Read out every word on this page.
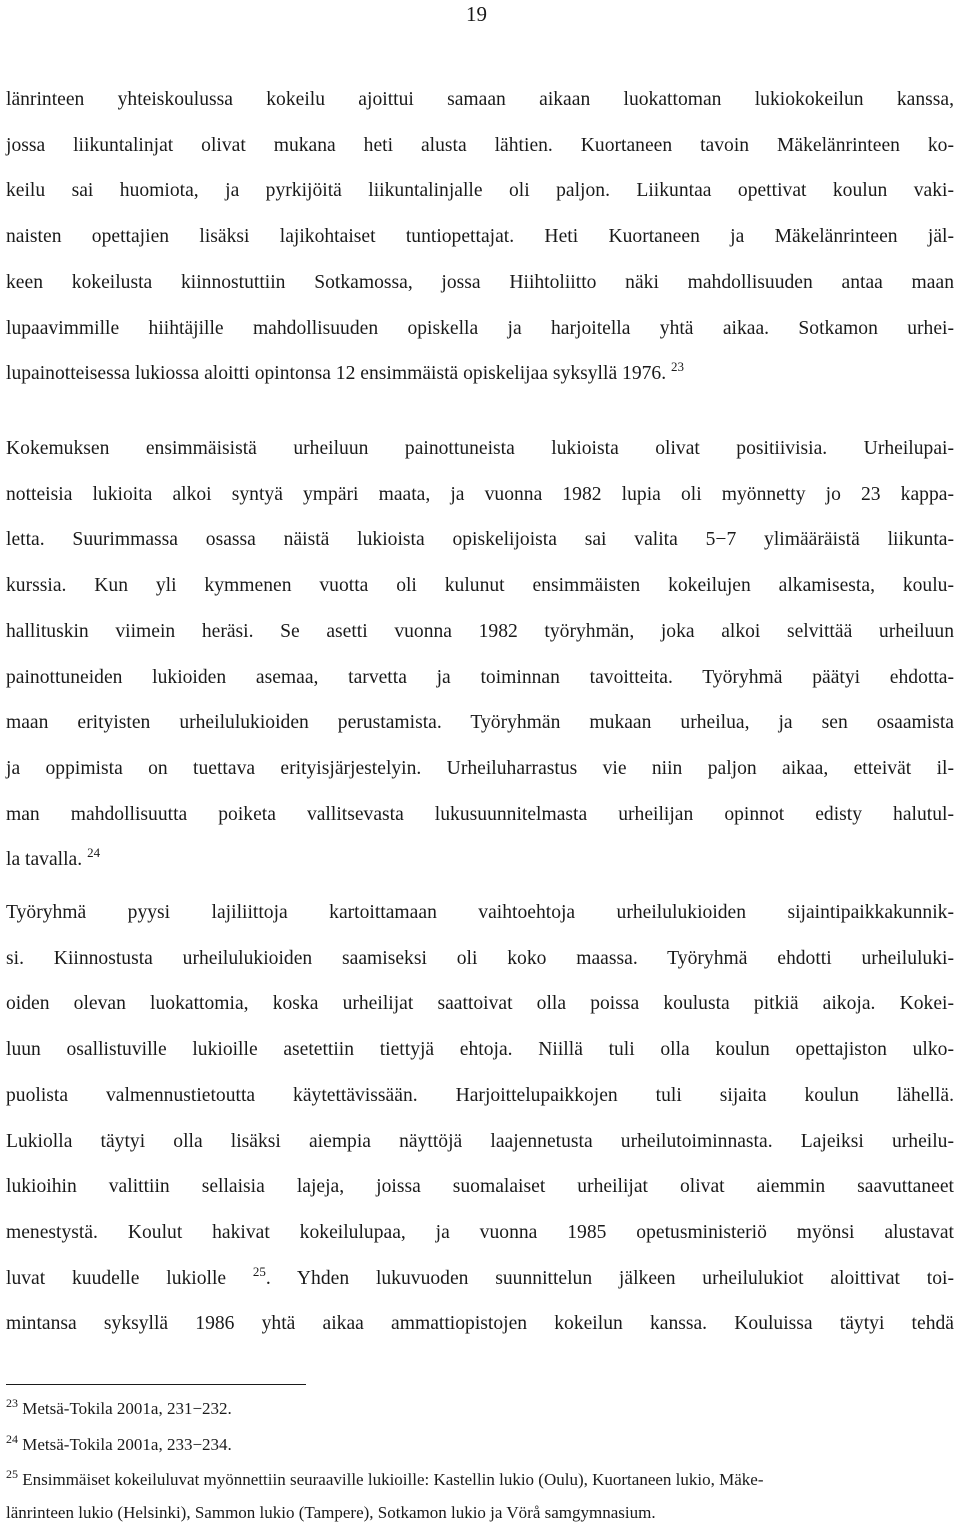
19
länrinteen yhteiskoulussa kokeilu ajoittui samaan aikaan luokattoman lukiokokeilun kanssa,
jossa liikuntalinjat olivat mukana heti alusta lähtien. Kuortaneen tavoin Mäkelänrinteen ko-
keilu sai huomiota, ja pyrkijöitä liikuntalinjalle oli paljon. Liikuntaa opettivat koulun vaki-
naisten opettajien lisäksi lajikohtaiset tuntiopettajat. Heti Kuortaneen ja Mäkelänrinteen jäl-
keen kokeilusta kiinnostuttiin Sotkamossa, jossa Hiihtoliitto näki mahdollisuuden antaa maan
lupaavimmille hiihtäjille mahdollisuuden opiskella ja harjoitella yhtä aikaa. Sotkamon urhei-
lupainotteisessa lukiossa aloitti opintonsa 12 ensimmäistä opiskelijaa syksyllä 1976. $^{23}$
Kokemuksen ensimmäisistä urheiluun painottuneista lukioista olivat positiivisia. Urheilupai-
notteisia lukioita alkoi syntyä ympäri maata, ja vuonna 1982 lupia oli myönnetty jo 23 kappa-
letta. Suurimmassa osassa näistä lukioista opiskelijoista sai valita 5−7 ylimääräistä liikunta-
kurssia. Kun yli kymmenen vuotta oli kulunut ensimmäisten kokeilujen alkamisesta, koulu-
hallituskin viimein heräsi. Se asetti vuonna 1982 työryhmän, joka alkoi selvittää urheiluun
painottuneiden lukioiden asemaa, tarvetta ja toiminnan tavoitteita. Työryhmä päätyi ehdotta-
maan erityisten urheilulukioiden perustamista. Työryhmän mukaan urheilua, ja sen osaamista
ja oppimista on tuettava erityisjärjestelyin. Urheiluharrastus vie niin paljon aikaa, etteivät il-
man mahdollisuutta poiketa vallitsevasta lukusuunnitelmasta urheilijan opinnot edisty halutul-
la tavalla. $^{24}$
Työryhmä pyysi lajiliittoja kartoittamaan vaihtoehtoja urheilulukioiden sijaintipaikkakunnik-
si. Kiinnostusta urheilulukioiden saamiseksi oli koko maassa. Työryhmä ehdotti urheiluluki-
oiden olevan luokattomia, koska urheilijat saattoivat olla poissa koulusta pitkiä aikoja. Kokei-
luun osallistuville lukioille asetettiin tiettyjä ehtoja. Niillä tuli olla koulun opettajiston ulko-
puolista valmennustietoutta käytettävissään. Harjoittelupaikkojen tuli sijaita koulun lähellä.
Lukiolla täytyi olla lisäksi aiempia näyttöjä laajennetusta urheilutoiminnasta. Lajeiksi urheilu-
lukioihin valittiin sellaisia lajeja, joissa suomalaiset urheilijat olivat aiemmin saavuttaneet
menestystä. Koulut hakivat kokeilulupaa, ja vuonna 1985 opetusministeriö myönsi alustavat
luvat kuudelle lukiolle $^{25}$. Yhden lukuvuoden suunnittelun jälkeen urheilulukiot aloittivat toi-
mintansa syksyllä 1986 yhtä aikaa ammattiopistojen kokeilun kanssa. Kouluissa täytyi tehdä
$^{23}$ Metsä-Tokila 2001a, 231−232.
$^{24}$ Metsä-Tokila 2001a, 233−234.
$^{25}$ Ensimmäiset kokeiluluvat myönnettiin seuraaville lukioille: Kastellin lukio (Oulu), Kuortaneen lukio, Mäke-
länrinteen lukio (Helsinki), Sammon lukio (Tampere), Sotkamon lukio ja Vörå samgymnasium.
